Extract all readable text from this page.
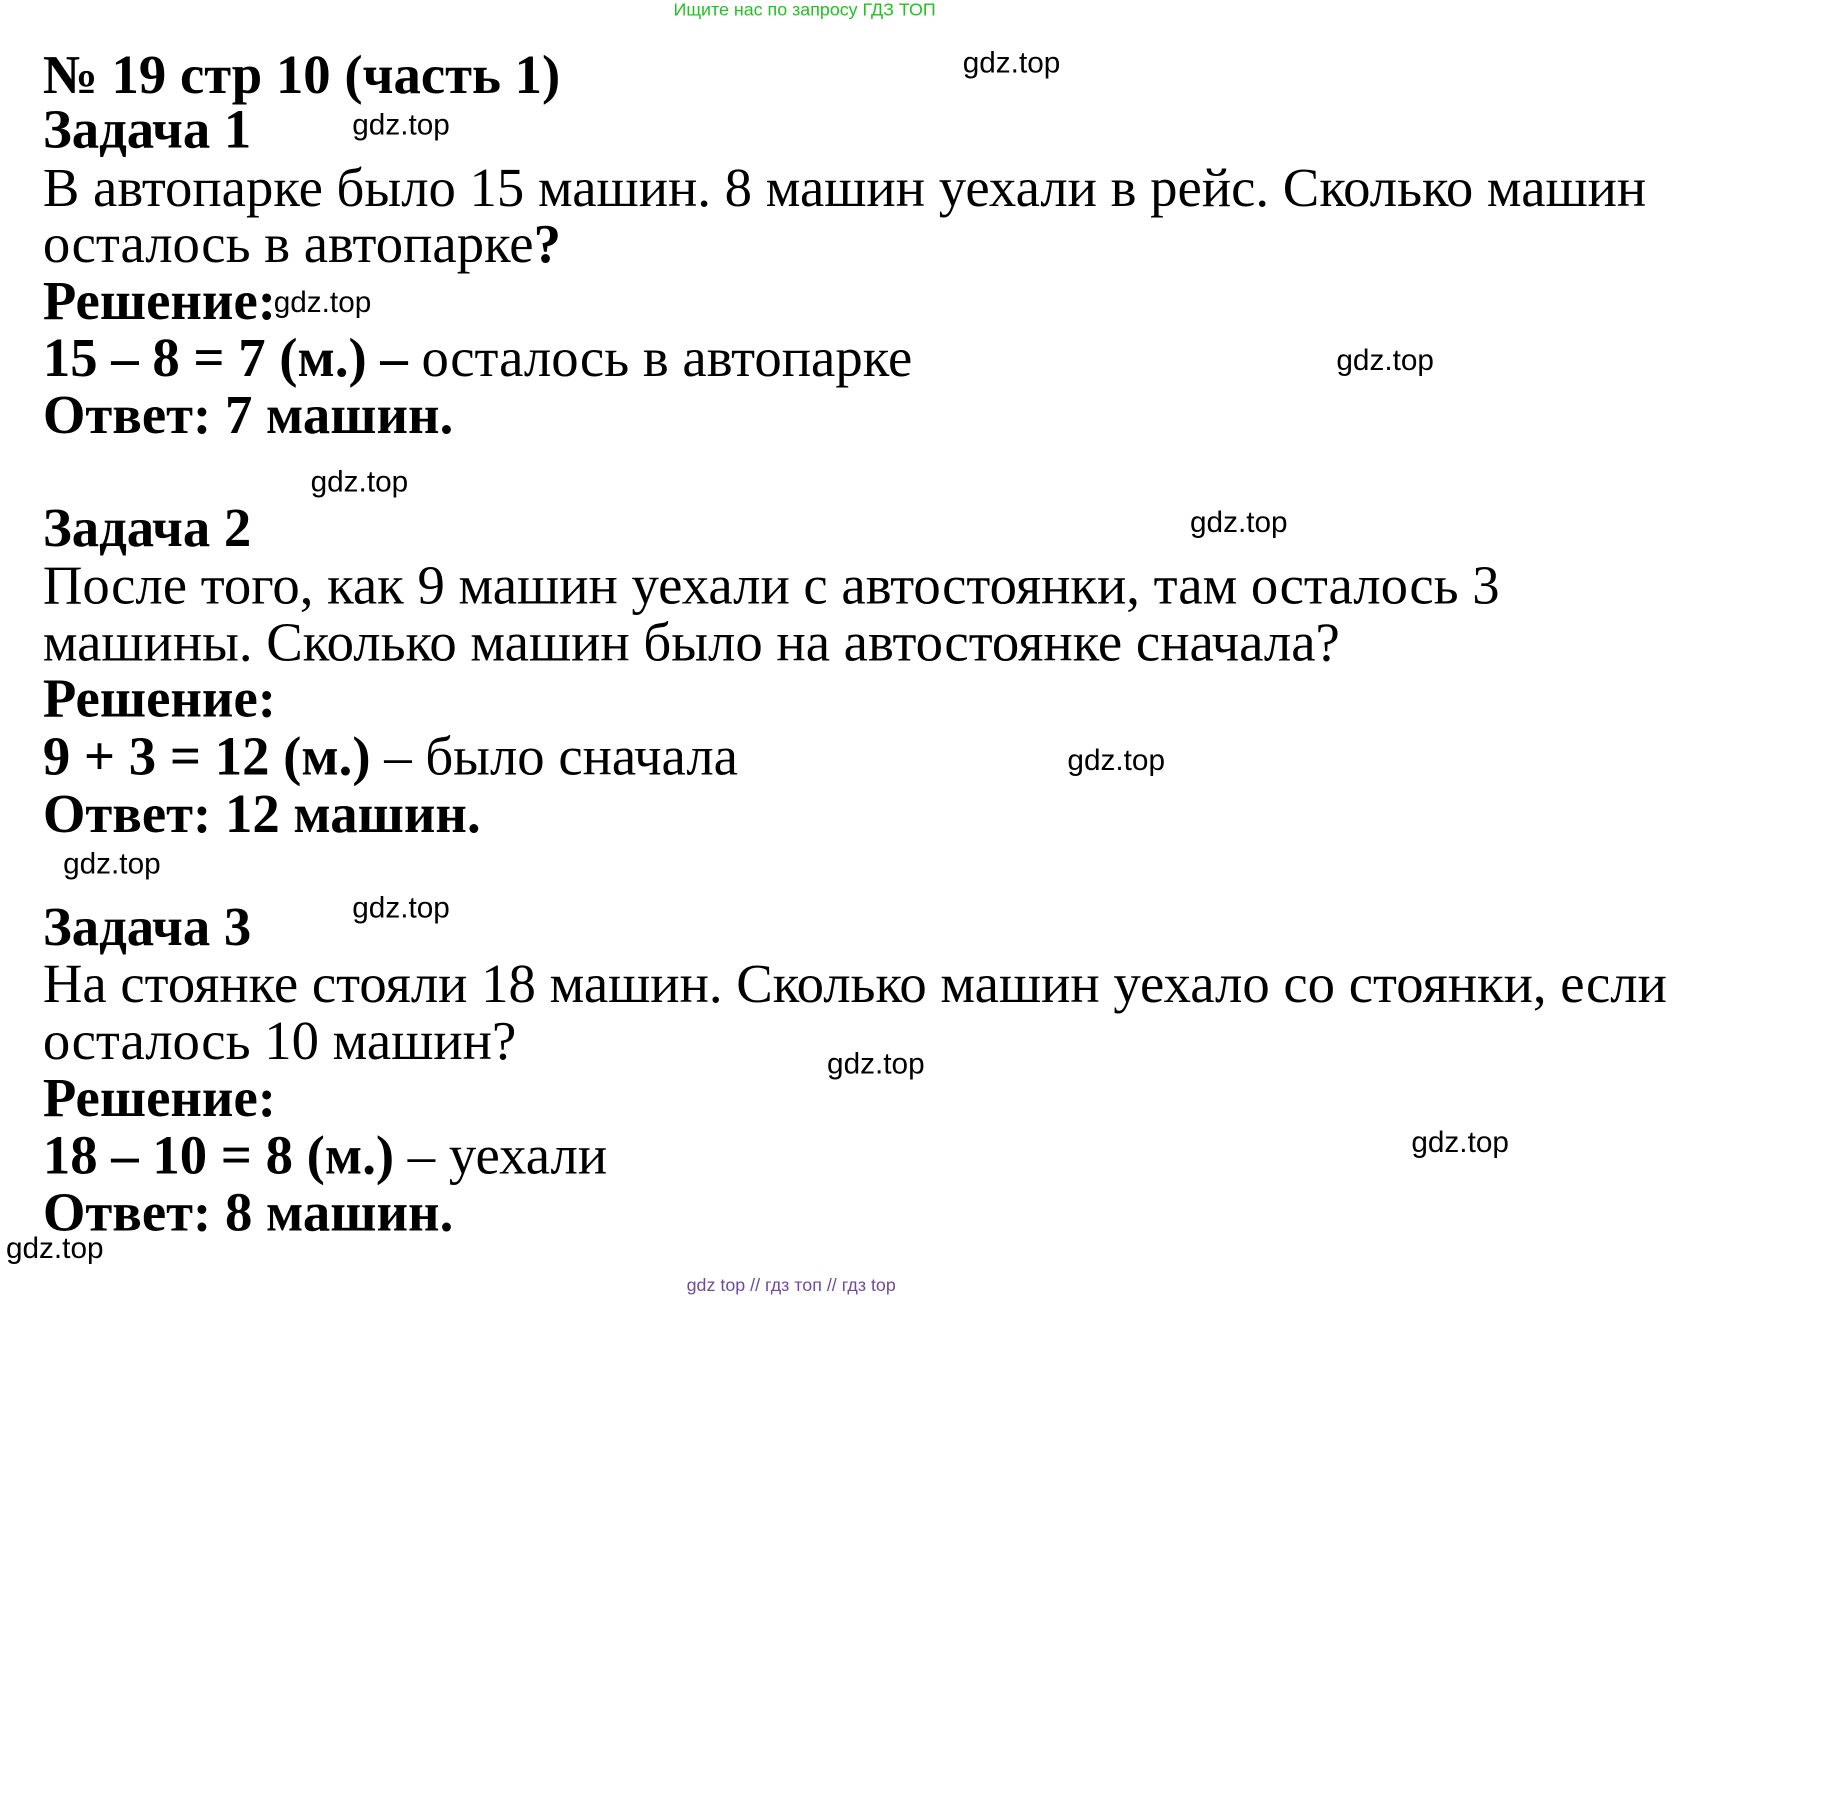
Ищите нас по запросу ГДЗ ТОП
№ 19 стр 10 (часть 1)
Задача 1
В автопарке было 15 машин. 8 машин уехали в рейс. Сколько машин
осталось в автопарке?
Решение:
15 – 8 = 7 (м.) – осталось в автопарке
Ответ: 7 машин.
Задача 2
После того, как 9 машин уехали с автостоянки, там осталось 3
машины. Сколько машин было на автостоянке сначала?
Решение:
9 + 3 = 12 (м.) – было сначала
Ответ: 12 машин.
Задача 3
На стоянке стояли 18 машин. Сколько машин уехало со стоянки, если
осталось 10 машин?
Решение:
18 – 10 = 8 (м.) – уехали
Ответ: 8 машин.
gdz.top
gdz.top
gdz.top
gdz.top
gdz.top
gdz.top
gdz.top
gdz.top
gdz.top
gdz.top
gdz.top
gdz.top
gdz top // гдз топ // гдз top
